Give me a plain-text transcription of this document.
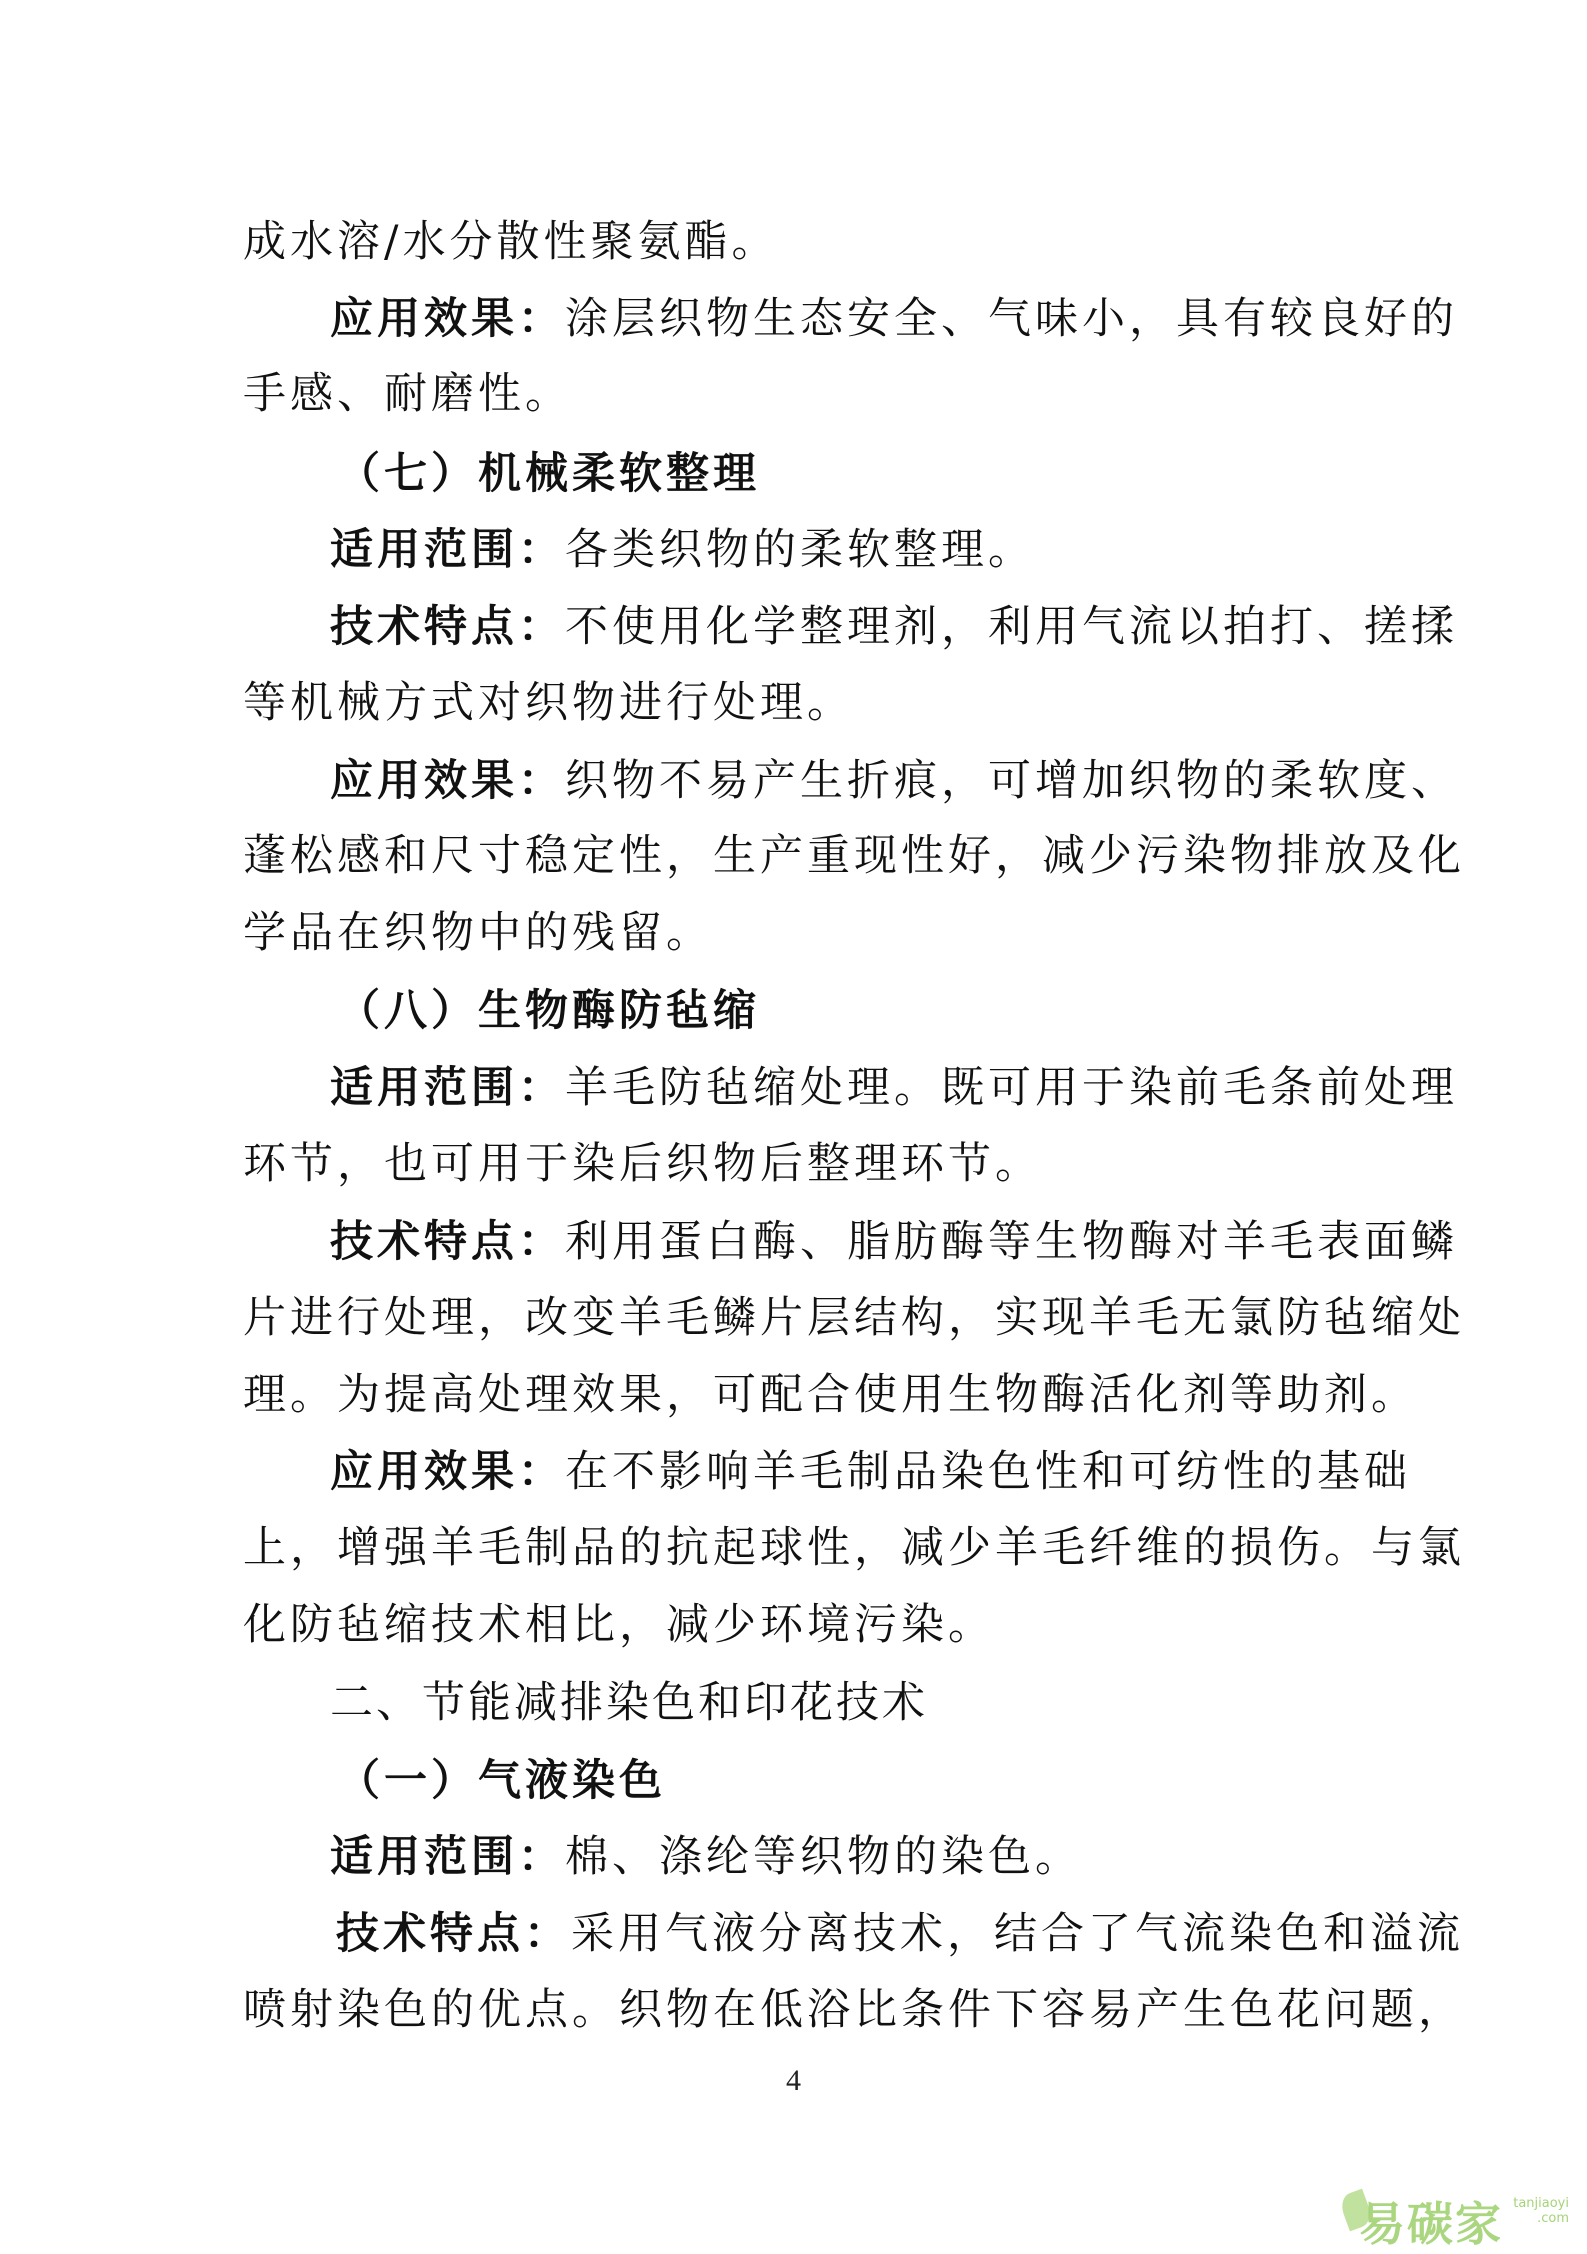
成水溶/水分散性聚氨酯。
应用效果：涂层织物生态安全、气味小，具有较良好的
手感、耐磨性。
（七）机械柔软整理
适用范围：各类织物的柔软整理。
技术特点：不使用化学整理剂，利用气流以拍打、搓揉
等机械方式对织物进行处理。
应用效果：织物不易产生折痕，可增加织物的柔软度、
蓬松感和尺寸稳定性，生产重现性好，减少污染物排放及化
学品在织物中的残留。
（八）生物酶防毡缩
适用范围：羊毛防毡缩处理。既可用于染前毛条前处理
环节，也可用于染后织物后整理环节。
技术特点：利用蛋白酶、脂肪酶等生物酶对羊毛表面鳞
片进行处理，改变羊毛鳞片层结构，实现羊毛无氯防毡缩处
理。为提高处理效果，可配合使用生物酶活化剂等助剂。
应用效果：在不影响羊毛制品染色性和可纺性的基础
上，增强羊毛制品的抗起球性，减少羊毛纤维的损伤。与氯
化防毡缩技术相比，减少环境污染。
二、节能减排染色和印花技术
（一）气液染色
适用范围：棉、涤纶等织物的染色。
技术特点：采用气液分离技术，结合了气流染色和溢流
喷射染色的优点。织物在低浴比条件下容易产生色花问题，
4
易碳家 tanjiaoyi
.com
